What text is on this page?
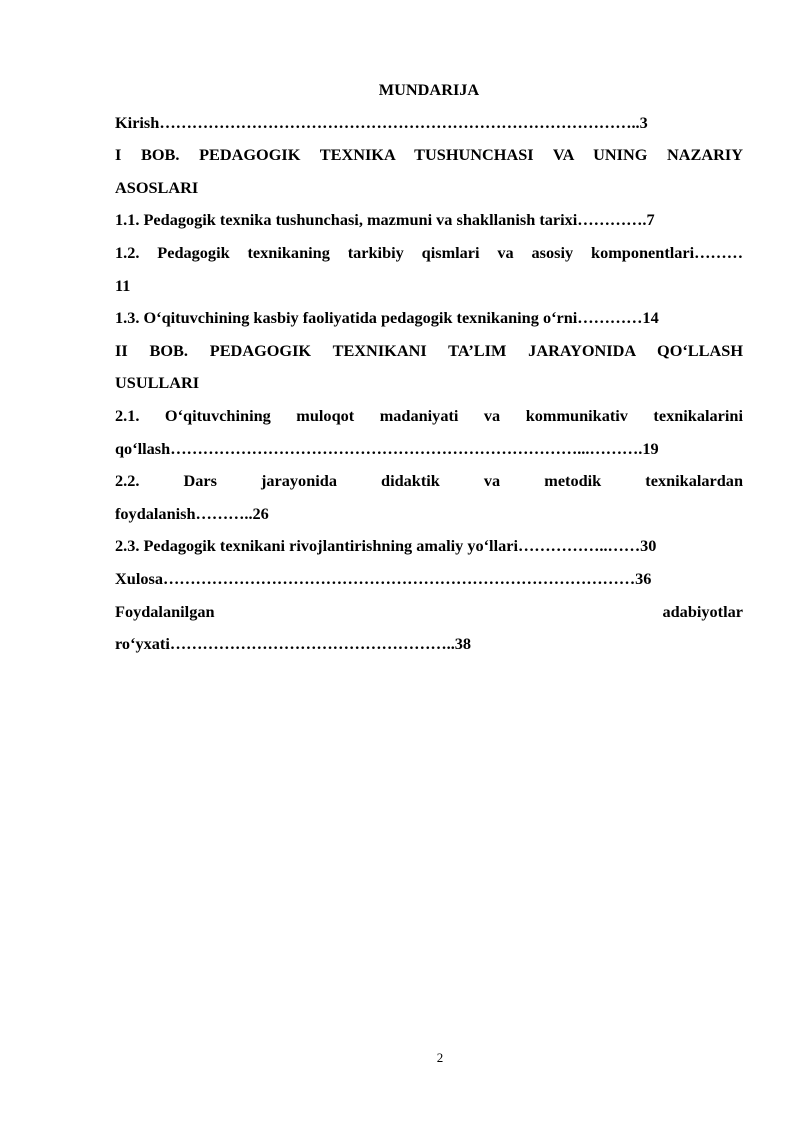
MUNDARIJA

Kirish……………………………………………………………………………..3

I BOB. PEDAGOGIK TEXNIKA TUSHUNCHASI VA UNING NAZARIY

ASOSLARI

1.1. Pedagogik texnika tushunchasi, mazmuni va shakllanish tarixi………….7

1.2. Pedagogik texnikaning tarkibiy qismlari va asosiy komponentlari………

11

1.3. O‘qituvchining kasbiy faoliyatida pedagogik texnikaning o‘rni…………14

II BOB. PEDAGOGIK TEXNIKANI TA’LIM JARAYONIDA QO‘LLASH

USULLARI

2.1. O‘qituvchining muloqot madaniyati va kommunikativ texnikalarini

qo‘llash…………………………………………………………………...……….19

2.2. Dars jarayonida didaktik va metodik texnikalardan

foydalanish………..26

2.3. Pedagogik texnikani rivojlantirishning amaliy yo‘llari……………..……30

Xulosa……………………………………………………………………………36

Foydalanilgan adabiyotlar

ro‘yxati……………………………………………..38

2
